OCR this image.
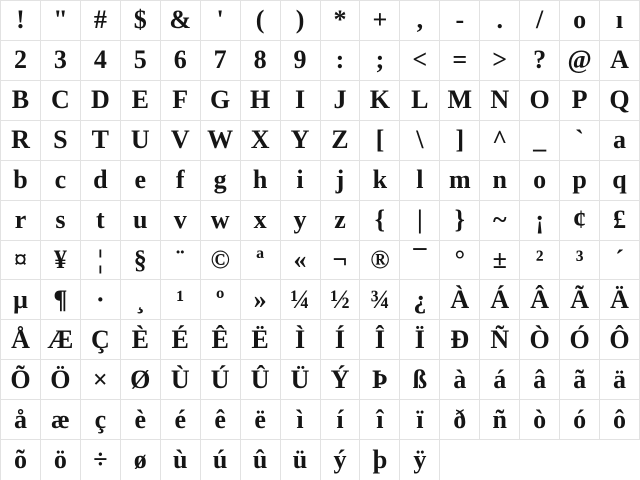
! " # $ & ' ( ) * + , - . / o ı
2 3 4 5 6 7 8 9 : ; < = > ? @ A
B C D E F G H I J K L M N O P Q
R S T U V W X Y Z [ \ ] ^ _ ` a
b c d e f g h i j k l m n o p q
r s t u v w x y z { | } ~ ¡ ¢ £
¤ ¥ ¦ § ¨ © ª « ¬ ® ¯ ° ± ² ³ ´
µ ¶ · ¸ ¹ º » ¼ ½ ¾ ¿ À Á Â Ã Ä
Å Æ Ç È É Ê Ë Ì Í Î Ï Ð Ñ Ò Ó Ô
Õ Ö × Ø Ù Ú Û Ü Ý Þ ß à á â ã ä
å æ ç è é ê ë ì í î ï ð ñ ò ó ô
õ ö ÷ ø ù ú û ü ý þ ÿ
